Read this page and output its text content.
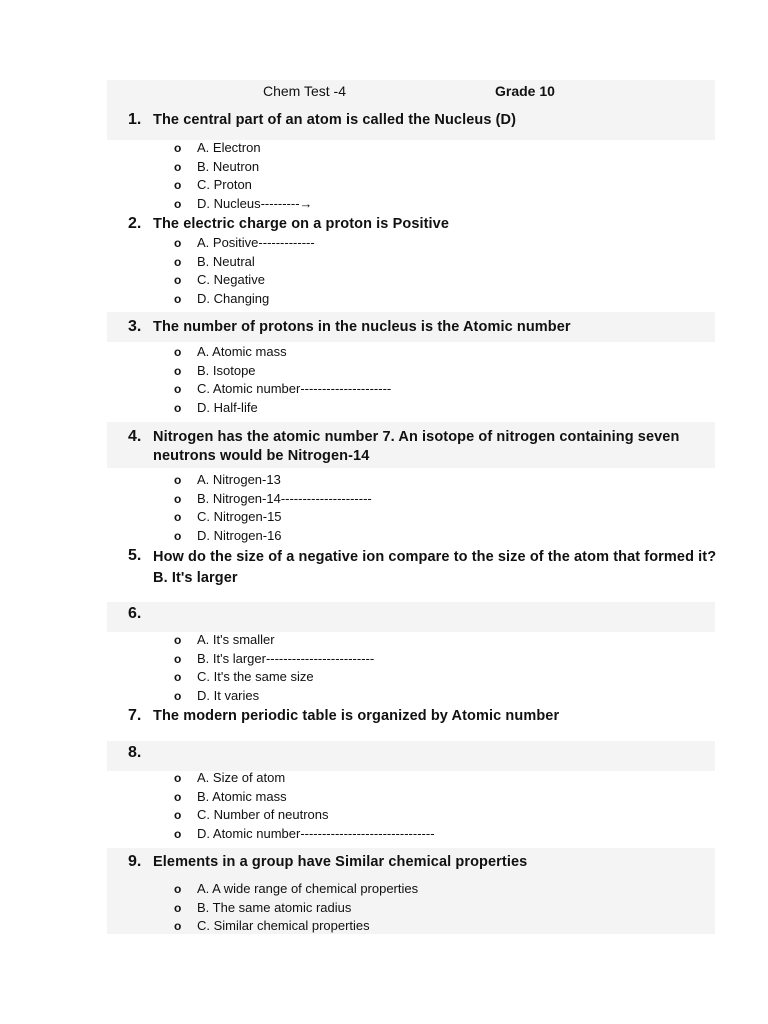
Chem Test -4	Grade 10
1. The central part of an atom is called the Nucleus (D)
o A. Electron
o B. Neutron
o C. Proton
o D. Nucleus---------→
2. The electric charge on a proton is Positive
o A. Positive-------------
o B. Neutral
o C. Negative
o D. Changing
3. The number of protons in the nucleus is the Atomic number
o A. Atomic mass
o B. Isotope
o C. Atomic number---------------------
o D. Half-life
4. Nitrogen has the atomic number 7. An isotope of nitrogen containing seven neutrons would be Nitrogen-14
o A. Nitrogen-13
o B. Nitrogen-14---------------------
o C. Nitrogen-15
o D. Nitrogen-16
5. How do the size of a negative ion compare to the size of the atom that formed it? B. It's larger
6.
o A. It's smaller
o B. It's larger-------------------------
o C. It's the same size
o D. It varies
7. The modern periodic table is organized by Atomic number
8.
o A. Size of atom
o B. Atomic mass
o C. Number of neutrons
o D. Atomic number-------------------------------
9. Elements in a group have Similar chemical properties
o A. A wide range of chemical properties
o B. The same atomic radius
o C. Similar chemical properties
